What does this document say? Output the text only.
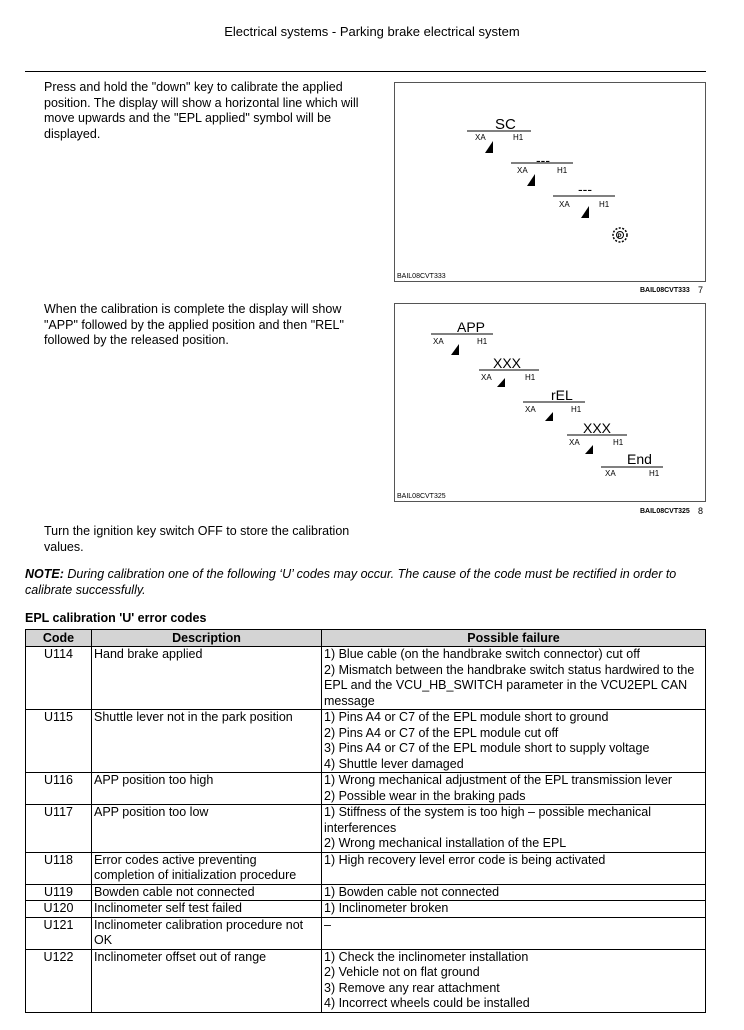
Electrical systems - Parking brake electrical system
Press and hold the "down" key to calibrate the applied position. The display will show a horizontal line which will move upwards and the "EPL applied" symbol will be displayed.
SC
XA	H1
---
XA	H1
---
XA	H1
P
BAIL08CVT333
BAIL08CVT333 7
When the calibration is complete the display will show "APP" followed by the applied position and then "REL" followed by the released position.
APP
XA	H1
XXX
XA	H1
rEL
XA	H1
XXX
XA	H1
End
XA	H1
BAIL08CVT325
BAIL08CVT325 8
Turn the ignition key switch OFF to store the calibration values.
NOTE: During calibration one of the following ‘U’ codes may occur. The cause of the code must be rectified in order to calibrate successfully.
EPL calibration 'U' error codes
Code	Description	Possible failure
U114	Hand brake applied	1) Blue cable (on the handbrake switch connector) cut off
2) Mismatch between the handbrake switch status hardwired to the EPL and the VCU_HB_SWITCH parameter in the VCU2EPL CAN message

U115	Shuttle lever not in the park position	1) Pins A4 or C7 of the EPL module short to ground
2) Pins A4 or C7 of the EPL module cut off
3) Pins A4 or C7 of the EPL module short to supply voltage
4) Shuttle lever damaged

U116	APP position too high	1) Wrong mechanical adjustment of the EPL transmission lever
2) Possible wear in the braking pads

U117	APP position too low	1) Stiffness of the system is too high – possible mechanical interferences
2) Wrong mechanical installation of the EPL

U118	Error codes active preventing completion of initialization procedure	1) High recovery level error code is being activated

U119	Bowden cable not connected	1) Bowden cable not connected

U120	Inclinometer self test failed	1) Inclinometer broken

U121	Inclinometer calibration procedure not OK	–

U122	Inclinometer offset out of range	1) Check the inclinometer installation
2) Vehicle not on flat ground
3) Remove any rear attachment
4) Incorrect wheels could be installed
